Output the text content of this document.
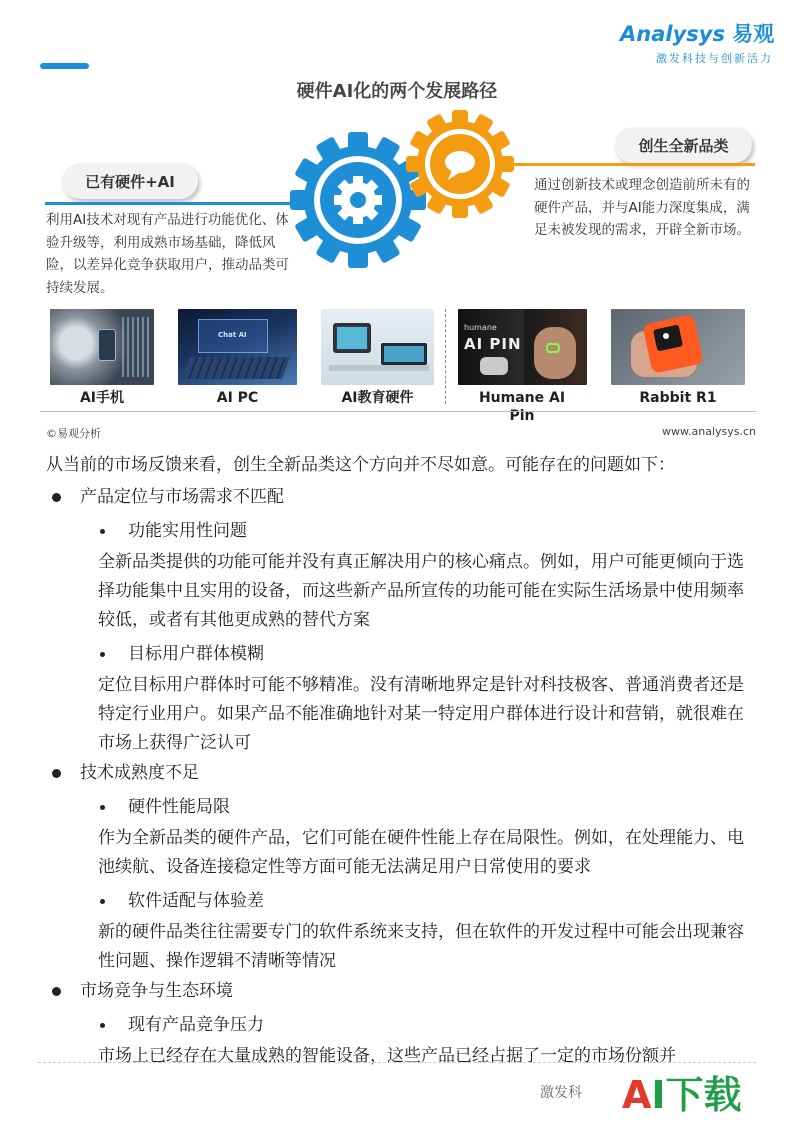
Analysys 易观
激发科技与创新活力
硬件AI化的两个发展路径
已有硬件+AI
利用AI技术对现有产品进行功能优化、体验升级等，利用成熟市场基础，降低风险，以差异化竞争获取用户，推动品类可持续发展。
创生全新品类
通过创新技术或理念创造前所未有的硬件产品，并与AI能力深度集成，满足未被发现的需求，开辟全新市场。
AI手机
Chat AI
AI PC	AI教育硬件
humane
AI PIN
Humane AI Pin
Rabbit R1
©易观分析	www.analysys.cn
从当前的市场反馈来看，创生全新品类这个方向并不尽如意。可能存在的问题如下：
产品定位与市场需求不匹配
功能实用性问题
全新品类提供的功能可能并没有真正解决用户的核心痛点。例如，用户可能更倾向于选择功能集中且实用的设备，而这些新产品所宣传的功能可能在实际生活场景中使用频率较低，或者有其他更成熟的替代方案
目标用户群体模糊
定位目标用户群体时可能不够精准。没有清晰地界定是针对科技极客、普通消费者还是特定行业用户。如果产品不能准确地针对某一特定用户群体进行设计和营销，就很难在市场上获得广泛认可
技术成熟度不足
硬件性能局限
作为全新品类的硬件产品，它们可能在硬件性能上存在局限性。例如，在处理能力、电池续航、设备连接稳定性等方面可能无法满足用户日常使用的要求
软件适配与体验差
新的硬件品类往往需要专门的软件系统来支持，但在软件的开发过程中可能会出现兼容性问题、操作逻辑不清晰等情况
市场竞争与生态环境
现有产品竞争压力
市场上已经存在大量成熟的智能设备，这些产品已经占据了一定的市场份额并
激发科 AI下载
